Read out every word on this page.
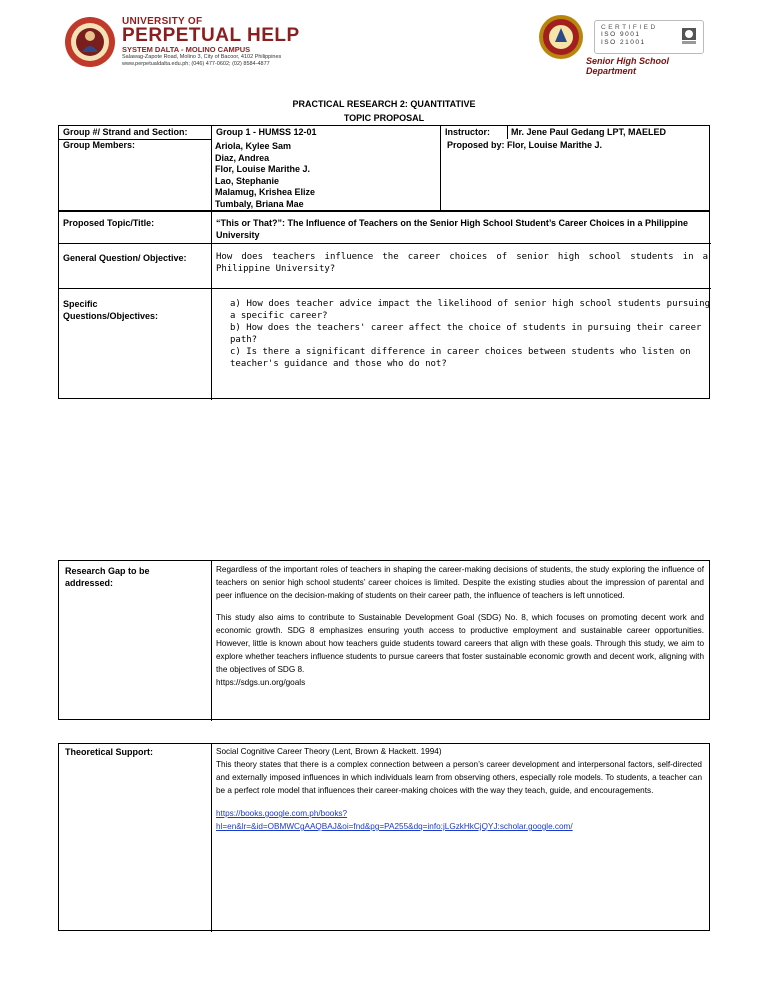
UNIVERSITY OF
PERPETUAL HELP
SYSTEM DALTA - MOLINO CAMPUS
Salawag-Zapote Road, Molino 3, City of Bacoor, 4102 Philippines
www.perpetualdalta.edu.ph; (046) 477-0602; (02) 8584-4877
CERTIFIED
ISO 9001
ISO 21001
Senior High School Department
PRACTICAL RESEARCH 2: QUANTITATIVE
TOPIC PROPOSAL
Group #/ Strand and Section:	Group 1 - HUMSS 12-01	Instructor: Mr. Jene Paul Gedang LPT, MAELED
Group Members:	Ariola, Kylee Sam
Diaz, Andrea
Flor, Louise Marithe J.
Lao, Stephanie
Malamug, Krishea Elize
Tumbaly, Briana Mae
Proposed by: Flor, Louise Marithe J.
Proposed Topic/Title:	“This or That?”: The Influence of Teachers on the Senior High School Student’s Career Choices in a Philippine University
General Question/ Objective:	How does teachers influence the career choices of senior high school students in a Philippine University?
Specific Questions/Objectives:
a) How does teacher advice impact the likelihood of senior high school students pursuing a specific career?
b) How does the teachers' career affect the choice of students in pursuing their career path?
c) Is there a significant difference in career choices between students who listen on teacher's guidance and those who do not?
Research Gap to be addressed:

Regardless of the important roles of teachers in shaping the career-making decisions of students, the study exploring the influence of teachers on senior high school students’ career choices is limited. Despite the existing studies about the impression of parental and peer influence on the decision-making of students on their career path, the influence of teachers is left unnoticed.

This study also aims to contribute to Sustainable Development Goal (SDG) No. 8, which focuses on promoting decent work and economic growth. SDG 8 emphasizes ensuring youth access to productive employment and sustainable career opportunities. However, little is known about how teachers guide students toward careers that align with these goals. Through this study, we aim to explore whether teachers influence students to pursue careers that foster sustainable economic growth and decent work, aligning with the objectives of SDG 8.

https://sdgs.un.org/goals

Theoretical Support:	Social Cognitive Career Theory (Lent, Brown & Hackett. 1994)

This theory states that there is a complex connection between a person’s career development and interpersonal factors, self-directed and externally imposed influences in which individuals learn from observing others, especially role models. To students, a teacher can be a perfect role model that influences their career-making choices with the way they teach, guide, and encouragements.

https://books.google.com.ph/books?
hl=en&lr=&id=OBMWCgAAQBAJ&oi=fnd&pg=PA255&dq=info:jLGzkHkCjQYJ:scholar.google.com/
